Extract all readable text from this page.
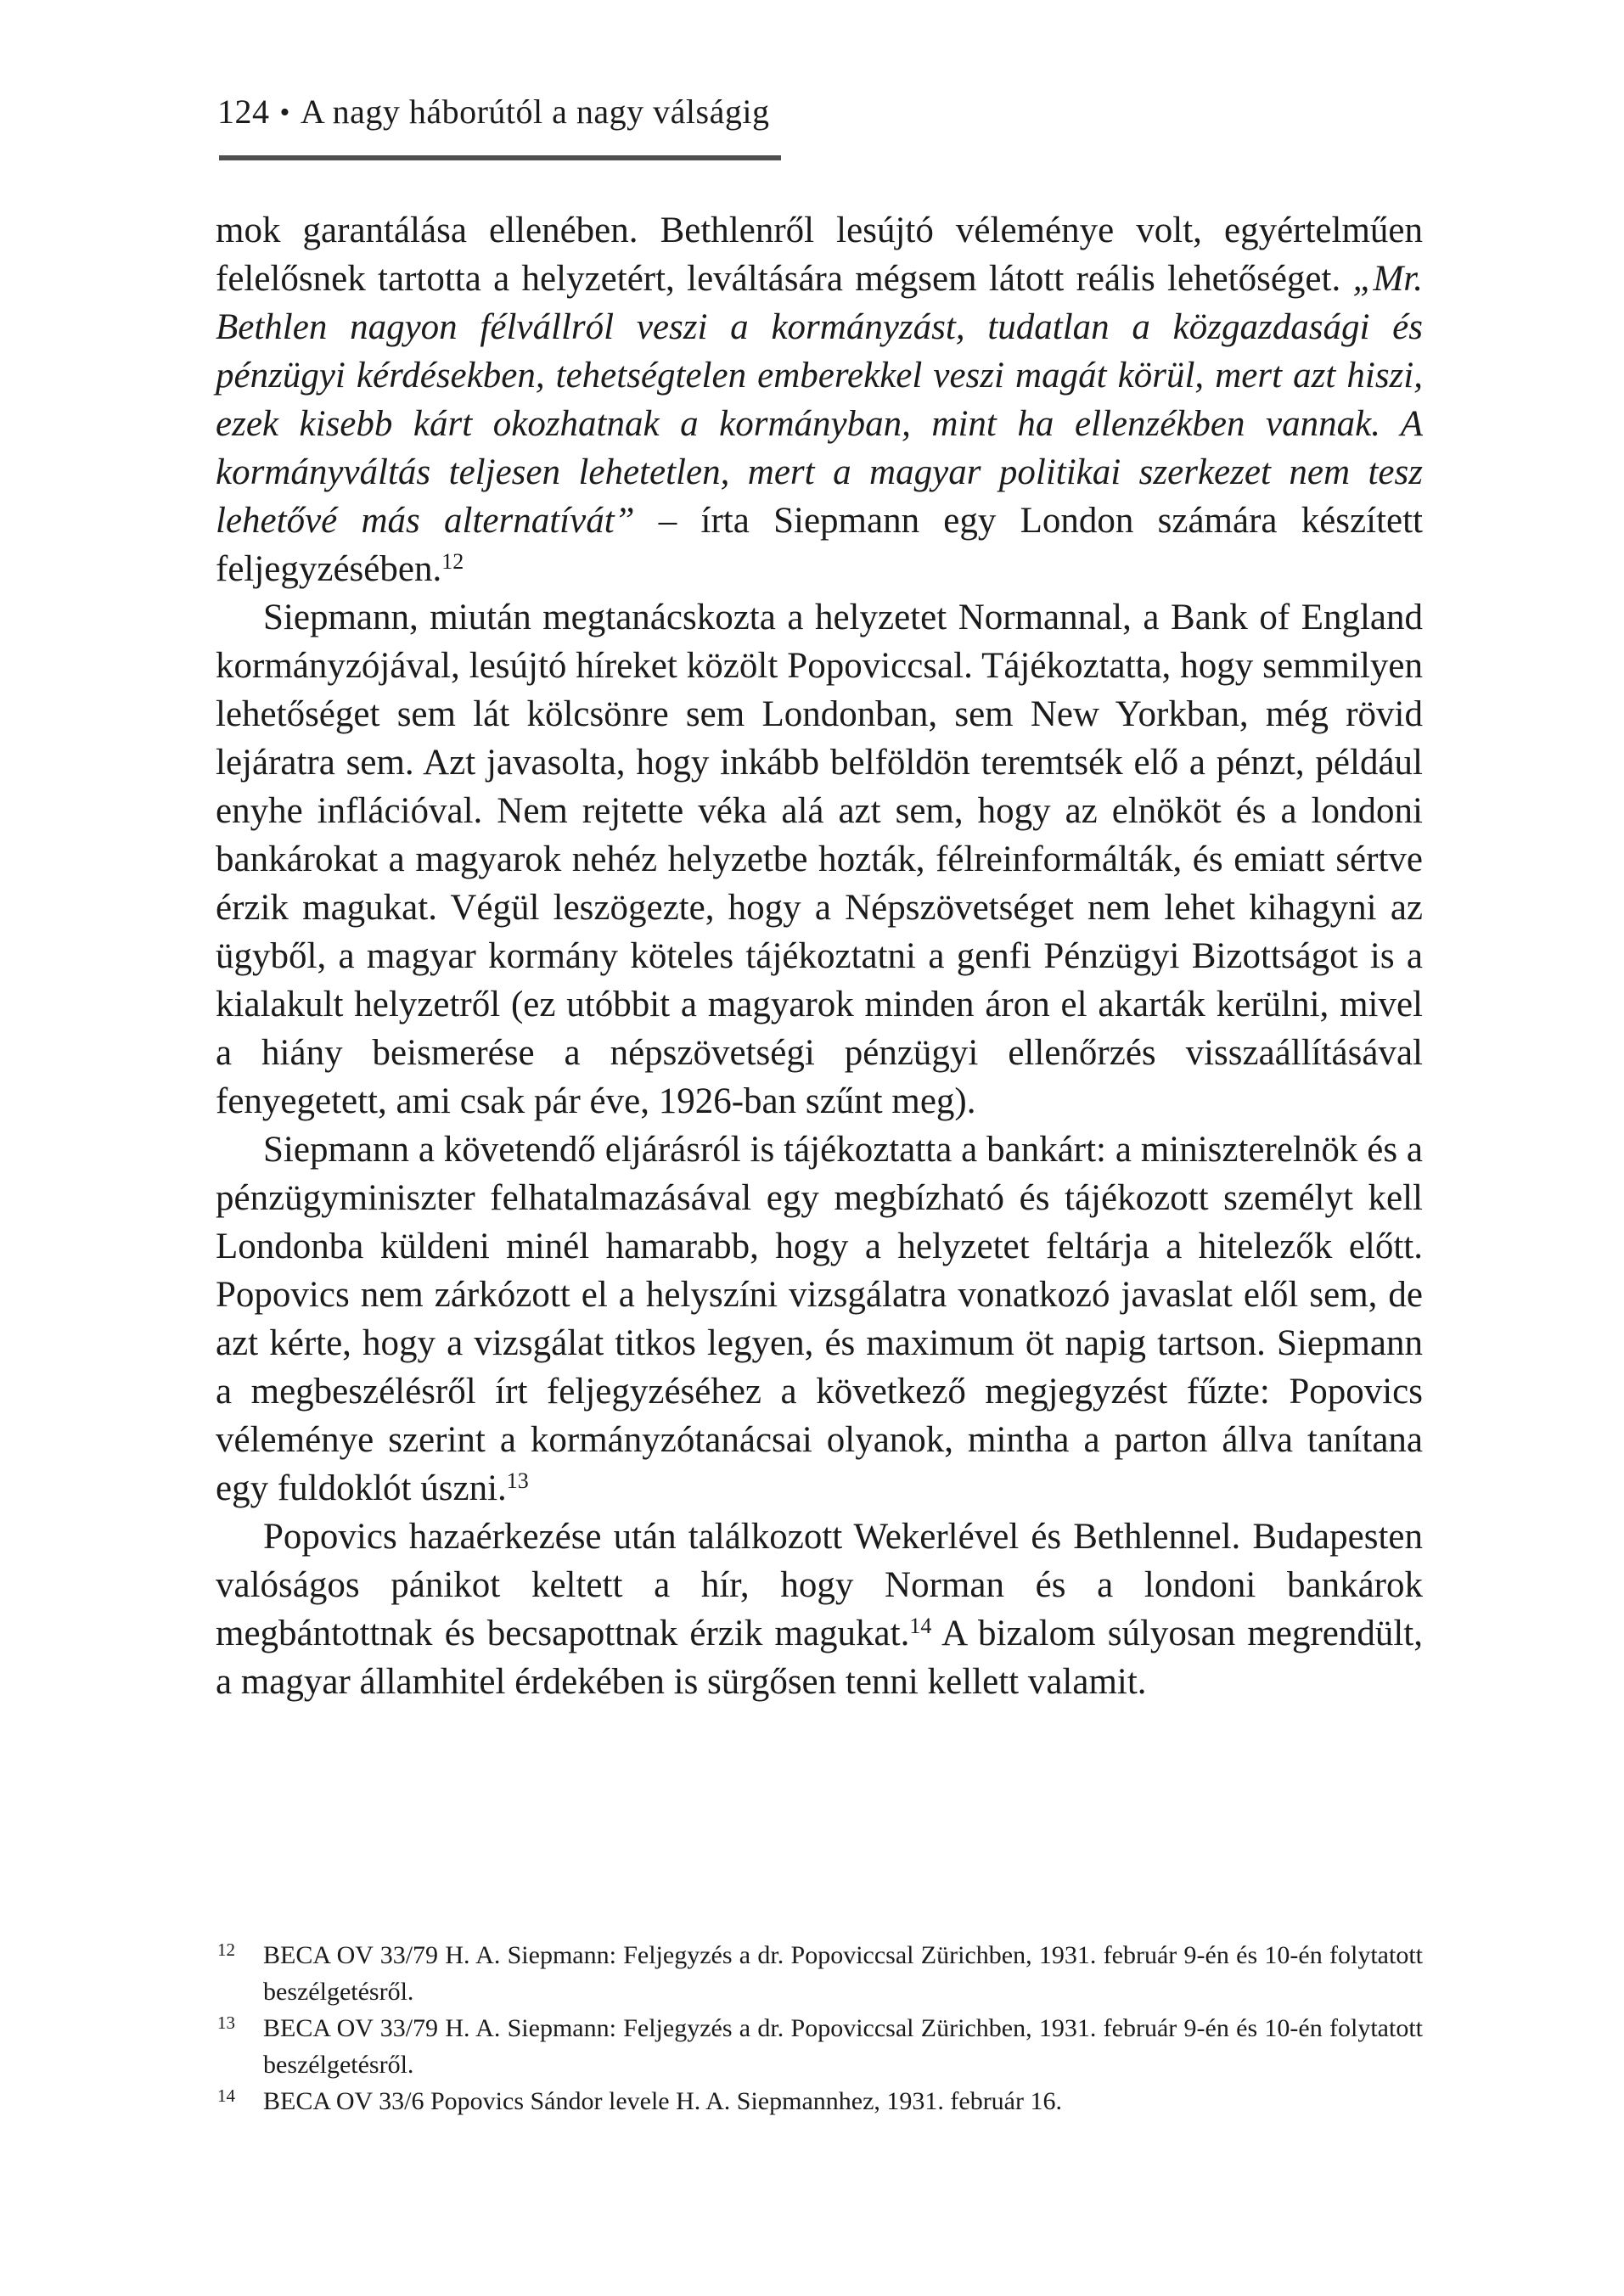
124 • A nagy háborútól a nagy válságig

mok garantálása ellenében. Bethlenről lesújtó véleménye volt, egyértelműen felelősnek tartotta a helyzetért, leváltására mégsem látott reális lehetőséget. „Mr. Bethlen nagyon félvállról veszi a kormányzást, tudatlan a közgazdasági és pénzügyi kérdésekben, tehetségtelen emberekkel veszi magát körül, mert azt hiszi, ezek kisebb kárt okozhatnak a kormányban, mint ha ellenzékben vannak. A kormányváltás teljesen lehetetlen, mert a magyar politikai szerkezet nem tesz lehetővé más alternatívát” – írta Siepmann egy London számára készített feljegyzésében.$^{12}$

Siepmann, miután megtanácskozta a helyzetet Normannal, a Bank of England kormányzójával, lesújtó híreket közölt Popoviccsal. Tájékoztatta, hogy semmilyen lehetőséget sem lát kölcsönre sem Londonban, sem New Yorkban, még rövid lejáratra sem. Azt javasolta, hogy inkább belföldön teremtsék elő a pénzt, például enyhe inflációval. Nem rejtette véka alá azt sem, hogy az elnököt és a londoni bankárokat a magyarok nehéz helyzetbe hozták, félreinformálták, és emiatt sértve érzik magukat. Végül leszögezte, hogy a Népszövetséget nem lehet kihagyni az ügyből, a magyar kormány köteles tájékoztatni a genfi Pénzügyi Bizottságot is a kialakult helyzetről (ez utóbbit a magyarok minden áron el akarták kerülni, mivel a hiány beismerése a népszövetségi pénzügyi ellenőrzés visszaállításával fenyegetett, ami csak pár éve, 1926-ban szűnt meg).

Siepmann a követendő eljárásról is tájékoztatta a bankárt: a miniszterelnök és a pénzügyminiszter felhatalmazásával egy megbízható és tájékozott személyt kell Londonba küldeni minél hamarabb, hogy a helyzetet feltárja a hitelezők előtt. Popovics nem zárkózott el a helyszíni vizsgálatra vonatkozó javaslat elől sem, de azt kérte, hogy a vizsgálat titkos legyen, és maximum öt napig tartson. Siepmann a megbeszélésről írt feljegyzéséhez a következő megjegyzést fűzte: Popovics véleménye szerint a kormányzótanácsai olyanok, mintha a parton állva tanítana egy fuldoklót úszni.$^{13}$

Popovics hazaérkezése után találkozott Wekerlével és Bethlennel. Budapesten valóságos pánikot keltett a hír, hogy Norman és a londoni bankárok megbántottnak és becsapottnak érzik magukat.$^{14}$ A bizalom súlyosan megrendült, a magyar államhitel érdekében is sürgősen tenni kellett valamit.

12 BECA OV 33/79 H. A. Siepmann: Feljegyzés a dr. Popoviccsal Zürichben, 1931. február 9-én és 10-én folytatott beszélgetésről.
13 BECA OV 33/79 H. A. Siepmann: Feljegyzés a dr. Popoviccsal Zürichben, 1931. február 9-én és 10-én folytatott beszélgetésről.
14 BECA OV 33/6 Popovics Sándor levele H. A. Siepmannhez, 1931. február 16.
